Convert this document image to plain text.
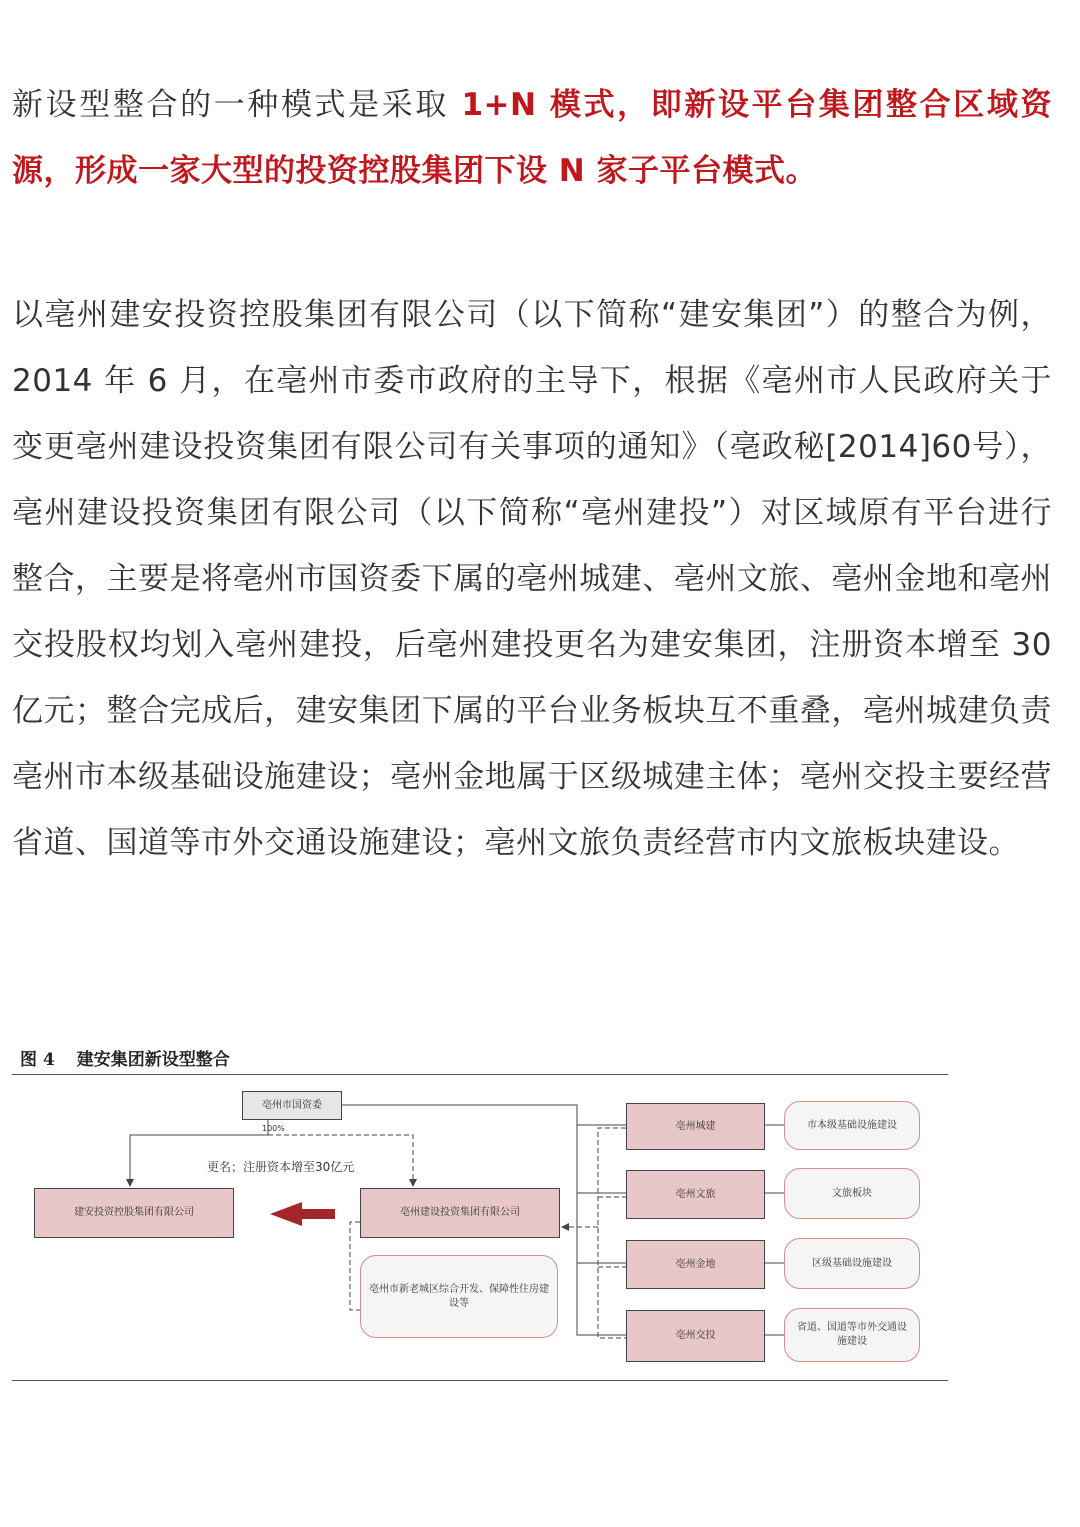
新设型整合的一种模式是采取 1+N 模式，即新设平台集团整合区域资源，形成一家大型的投资控股集团下设 N 家子平台模式。

以亳州建安投资控股集团有限公司（以下简称“建安集团”）的整合为例，2014 年 6 月，在亳州市委市政府的主导下，根据《亳州市人民政府关于变更亳州建设投资集团有限公司有关事项的通知》（亳政秘[2014]60号），亳州建设投资集团有限公司（以下简称“亳州建投”）对区域原有平台进行整合，主要是将亳州市国资委下属的亳州城建、亳州文旅、亳州金地和亳州交投股权均划入亳州建投，后亳州建投更名为建安集团，注册资本增至 30 亿元；整合完成后，建安集团下属的平台业务板块互不重叠，亳州城建负责亳州市本级基础设施建设；亳州金地属于区级城建主体；亳州交投主要经营省道、国道等市外交通设施建设；亳州文旅负责经营市内文旅板块建设。

图 4 建安集团新设型整合
亳州市国资委
100%
更名；注册资本增至30亿元
建安投资控股集团有限公司	亳州建设投资集团有限公司
亳州市新老城区综合开发、保障性住房建设等
亳州城建
亳州文旅
亳州金地
亳州交投
市本级基础设施建设
文旅板块
区级基础设施建设
省道、国道等市外交通设施建设
